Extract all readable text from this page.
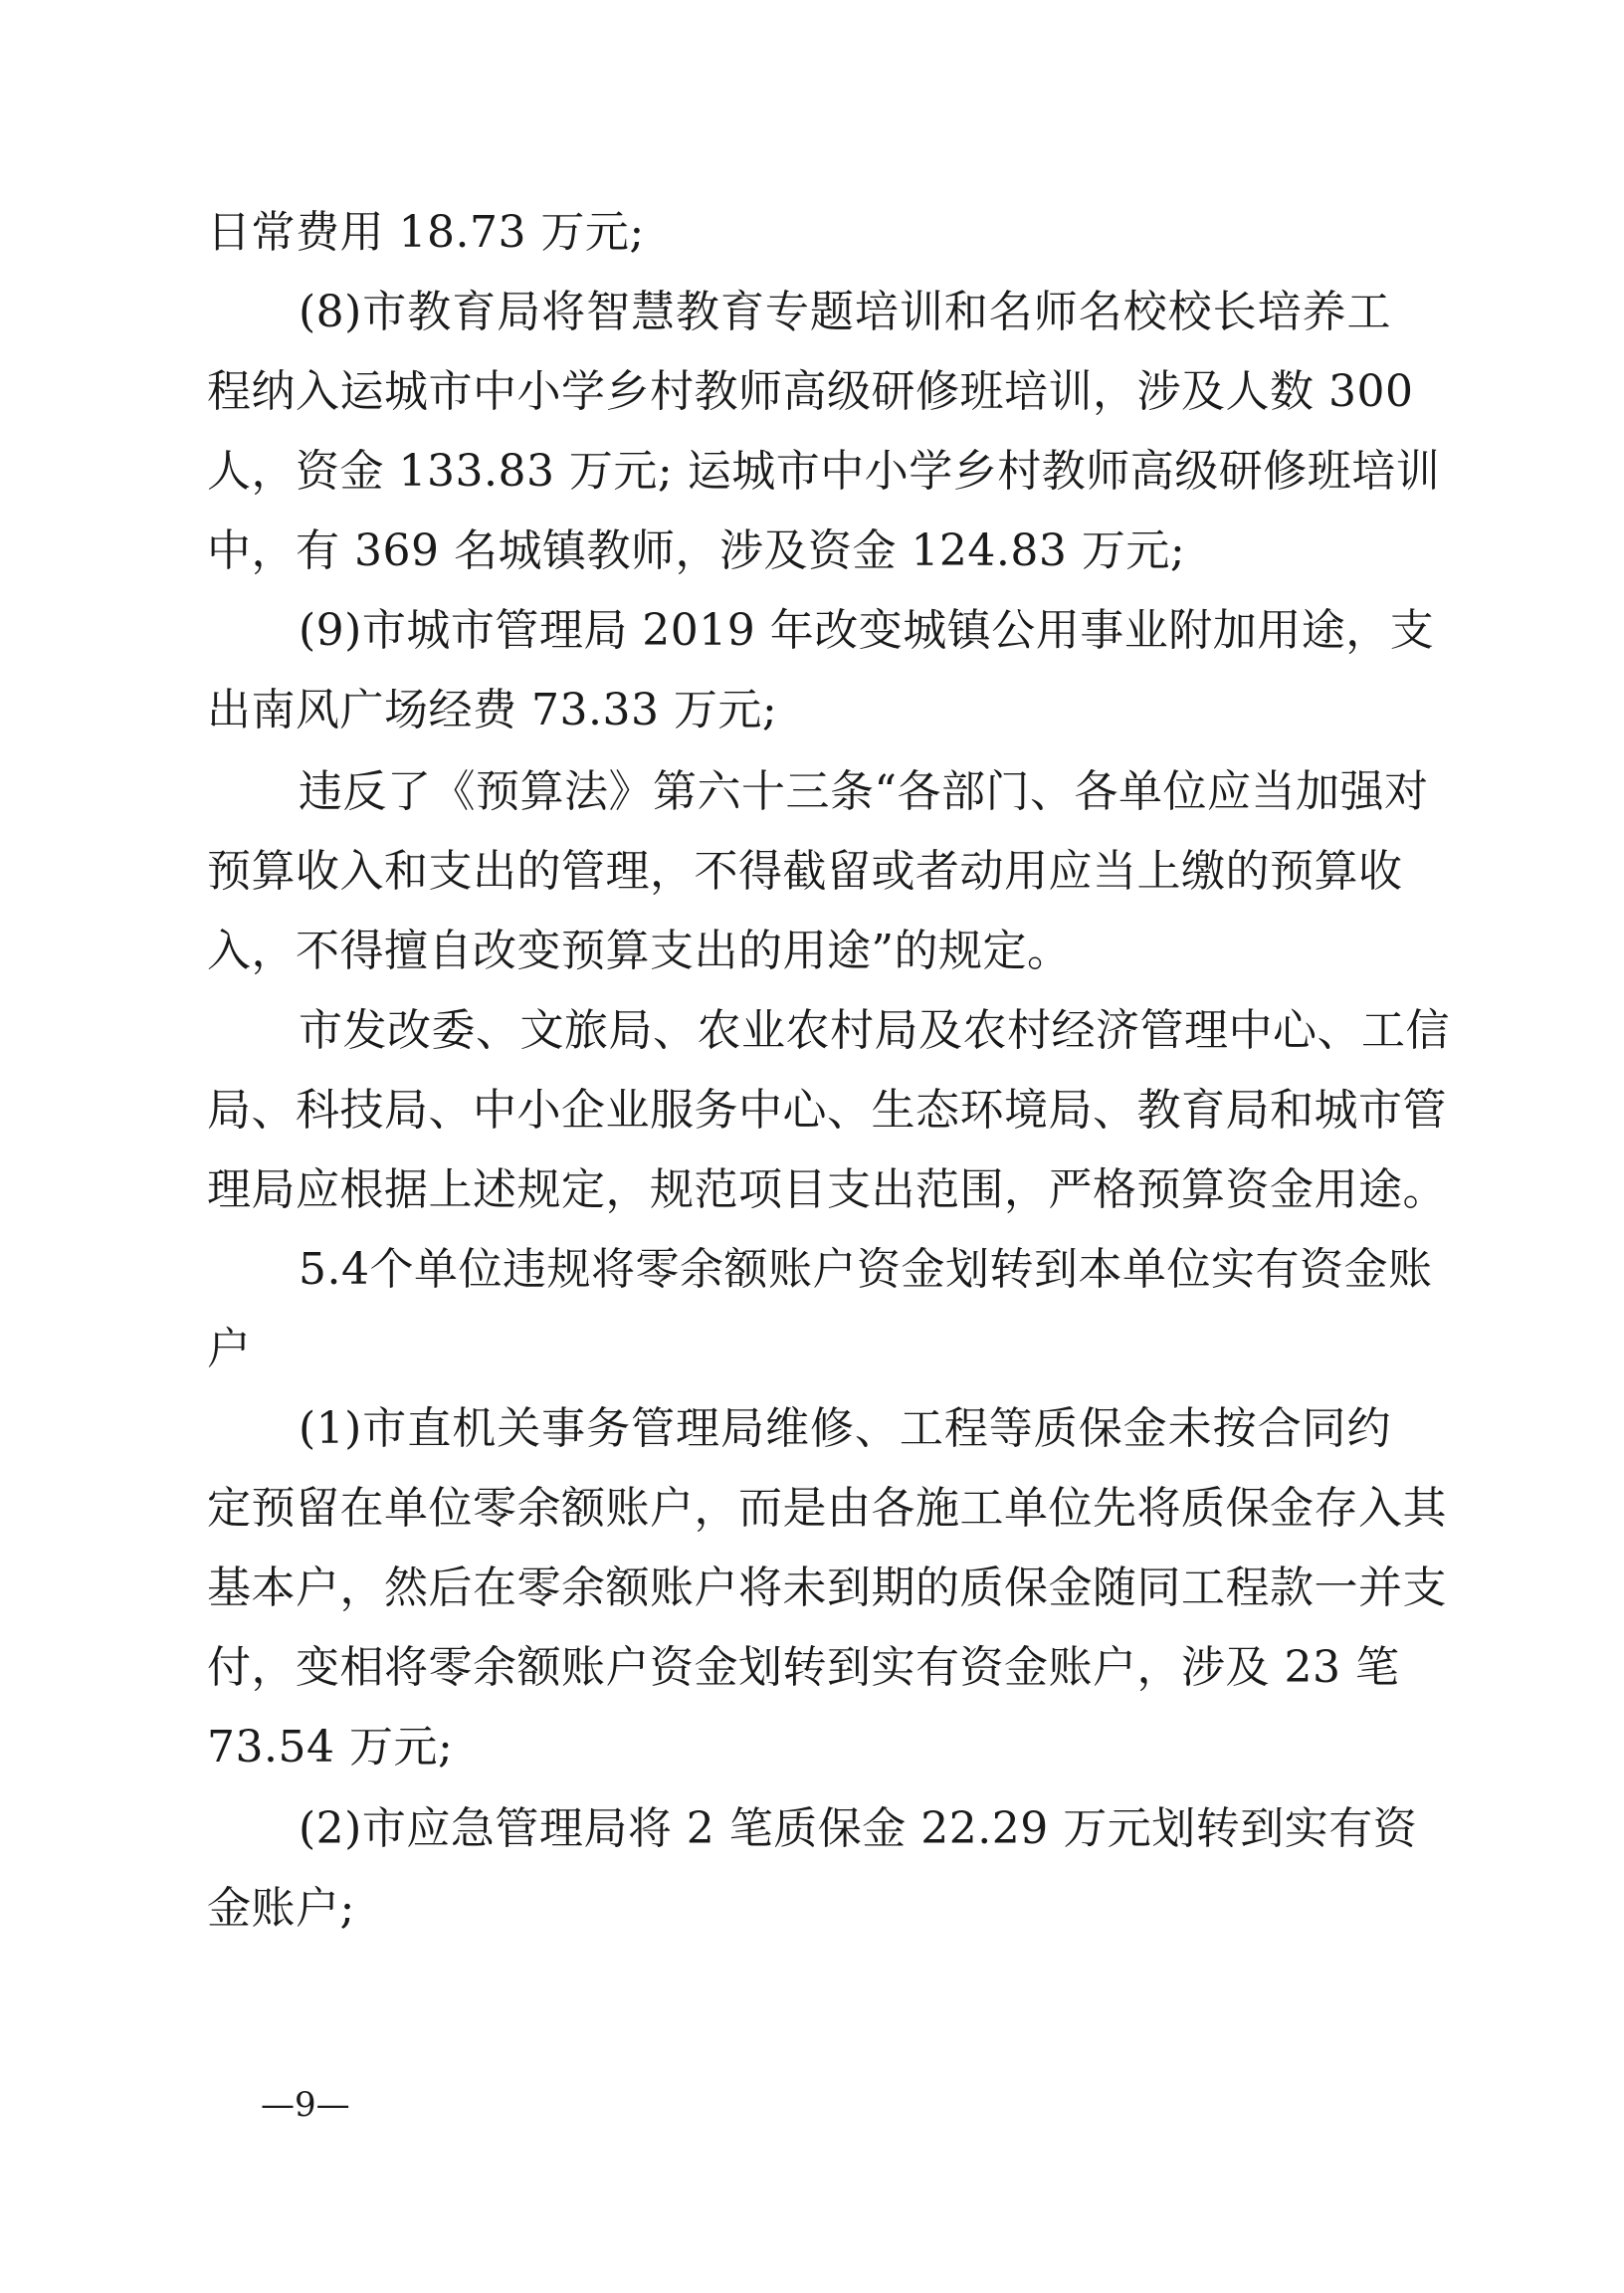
日常费用 18.73 万元;
(8)市教育局将智慧教育专题培训和名师名校校长培养工
程纳入运城市中小学乡村教师高级研修班培训，涉及人数 300
人，资金 133.83 万元; 运城市中小学乡村教师高级研修班培训
中，有 369 名城镇教师，涉及资金 124.83 万元;
(9)市城市管理局 2019 年改变城镇公用事业附加用途，支
出南风广场经费 73.33 万元;
违反了《预算法》第六十三条“各部门、各单位应当加强对
预算收入和支出的管理，不得截留或者动用应当上缴的预算收
入，不得擅自改变预算支出的用途”的规定。
市发改委、文旅局、农业农村局及农村经济管理中心、工信
局、科技局、中小企业服务中心、生态环境局、教育局和城市管
理局应根据上述规定，规范项目支出范围，严格预算资金用途。
5.4个单位违规将零余额账户资金划转到本单位实有资金账
户
(1)市直机关事务管理局维修、工程等质保金未按合同约
定预留在单位零余额账户，而是由各施工单位先将质保金存入其
基本户，然后在零余额账户将未到期的质保金随同工程款一并支
付，变相将零余额账户资金划转到实有资金账户，涉及 23 笔
73.54 万元;
(2)市应急管理局将 2 笔质保金 22.29 万元划转到实有资
金账户;
—9—
